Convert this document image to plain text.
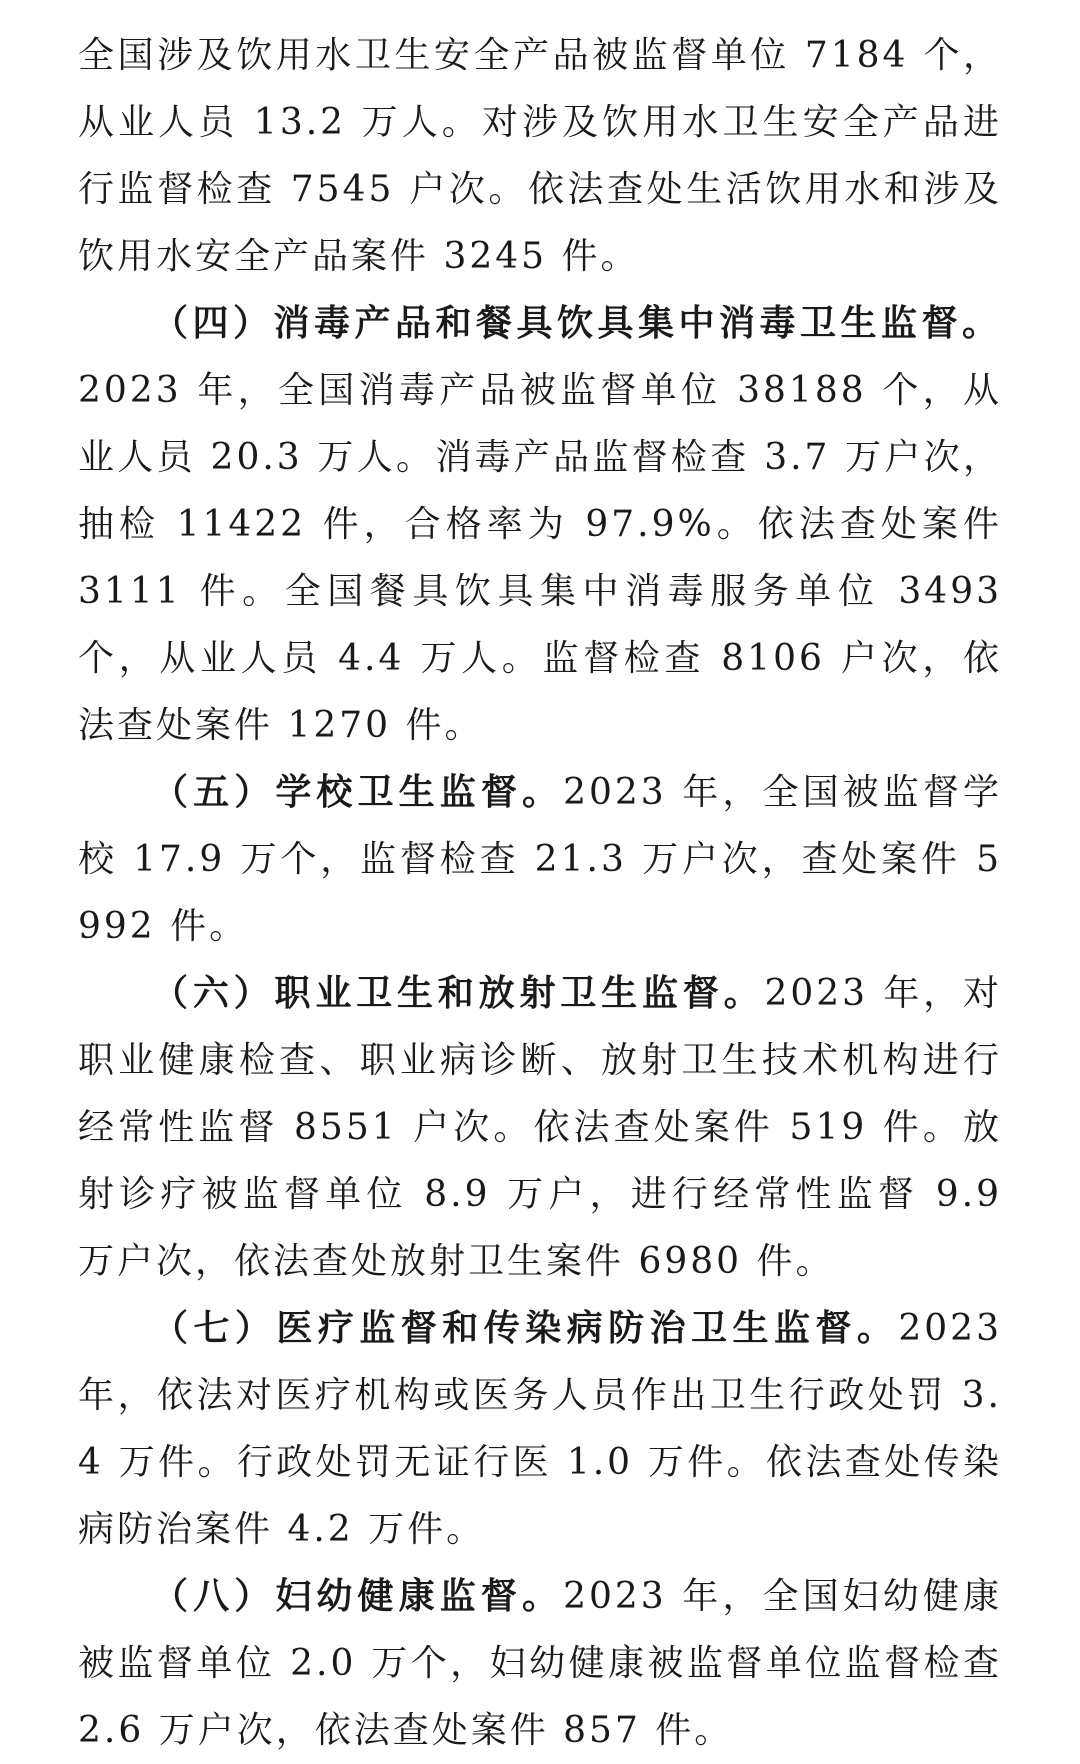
全国涉及饮用水卫生安全产品被监督单位 7184 个，从业人员 13.2 万人。对涉及饮用水卫生安全产品进行监督检查 7545 户次。依法查处生活饮用水和涉及饮用水安全产品案件 3245 件。

（四）消毒产品和餐具饮具集中消毒卫生监督。2023 年，全国消毒产品被监督单位 38188 个，从业人员 20.3 万人。消毒产品监督检查 3.7 万户次，抽检 11422 件，合格率为 97.9%。依法查处案件 3111 件。全国餐具饮具集中消毒服务单位 3493 个，从业人员 4.4 万人。监督检查 8106 户次，依法查处案件 1270 件。

（五）学校卫生监督。2023 年，全国被监督学校 17.9 万个，监督检查 21.3 万户次，查处案件 5992 件。

（六）职业卫生和放射卫生监督。2023 年，对职业健康检查、职业病诊断、放射卫生技术机构进行经常性监督 8551 户次。依法查处案件 519 件。放射诊疗被监督单位 8.9 万户，进行经常性监督 9.9 万户次，依法查处放射卫生案件 6980 件。

（七）医疗监督和传染病防治卫生监督。2023 年，依法对医疗机构或医务人员作出卫生行政处罚 3.4 万件。行政处罚无证行医 1.0 万件。依法查处传染病防治案件 4.2 万件。

（八）妇幼健康监督。2023 年，全国妇幼健康被监督单位 2.0 万个，妇幼健康被监督单位监督检查 2.6 万户次，依法查处案件 857 件。
